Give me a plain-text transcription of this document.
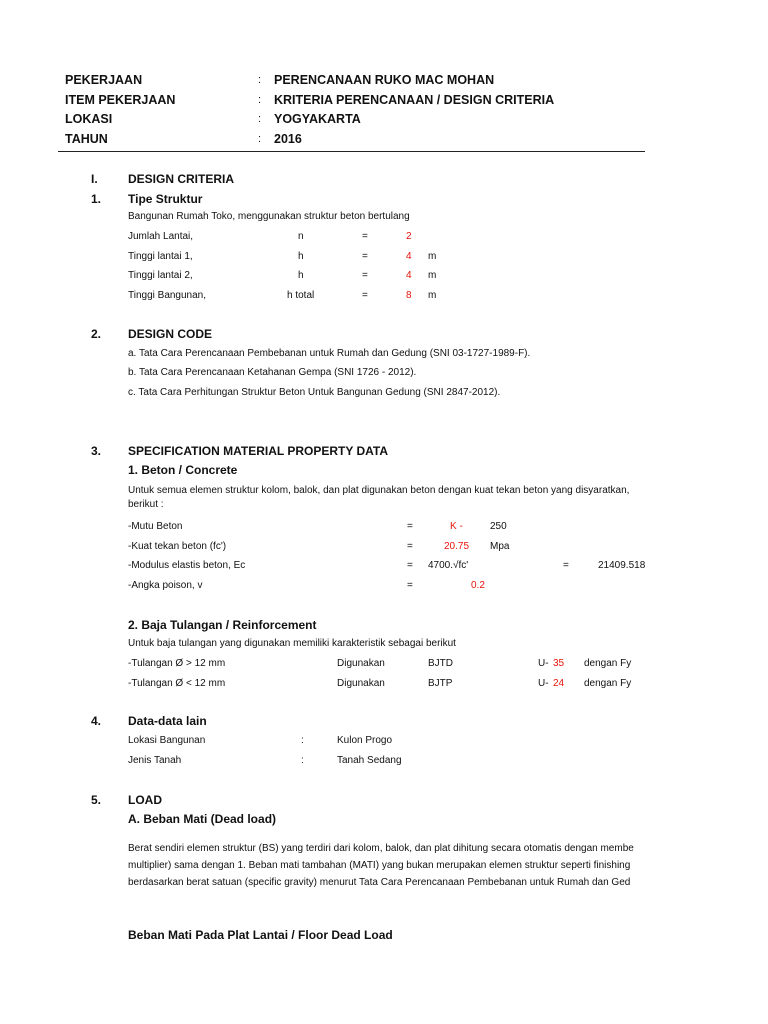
PEKERJAAN	: PERENCANAAN RUKO MAC MOHAN
ITEM PEKERJAAN	: KRITERIA PERENCANAAN / DESIGN CRITERIA
LOKASI	: YOGYAKARTA
TAHUN	: 2016
I.	DESIGN CRITERIA
1. Tipe Struktur
Bangunan Rumah Toko, menggunakan struktur beton bertulang
Jumlah Lantai,	n	=	2
Tinggi lantai 1,	h	=	4 m
Tinggi lantai 2,	h	=	4 m
Tinggi Bangunan,	h total	=	8 m
2. DESIGN CODE
a. Tata Cara Perencanaan Pembebanan untuk Rumah dan Gedung (SNI 03-1727-1989-F).
b. Tata Cara Perencanaan Ketahanan Gempa (SNI 1726 - 2012).
c. Tata Cara Perhitungan Struktur Beton Untuk Bangunan Gedung (SNI 2847-2012).
3. SPECIFICATION MATERIAL PROPERTY DATA
1. Beton / Concrete
Untuk semua elemen struktur kolom, balok, dan plat digunakan beton dengan kuat tekan beton yang disyaratkan,
berikut :
-Mutu Beton	=	K -	250
-Kuat tekan beton (fc')	=	20.75 Mpa
-Modulus elastis beton, Ec	= 4700.√fc'	=	21409.518
-Angka poison, v	=	0.2
2. Baja Tulangan / Reinforcement
Untuk baja tulangan yang digunakan memiliki karakteristik sebagai berikut
-Tulangan Ø > 12 mm	Digunakan	BJTD	U- 35 dengan Fy
-Tulangan Ø < 12 mm	Digunakan	BJTP	U- 24 dengan Fy
4. Data-data lain
Lokasi Bangunan	:	Kulon Progo
Jenis Tanah	:	Tanah Sedang
5. LOAD
A. Beban Mati (Dead load)
Berat sendiri elemen struktur (BS) yang terdiri dari kolom, balok, dan plat dihitung secara otomatis dengan membe
multiplier) sama dengan 1. Beban mati tambahan (MATI) yang bukan merupakan elemen struktur seperti finishing
berdasarkan berat satuan (specific gravity) menurut Tata Cara Perencanaan Pembebanan untuk Rumah dan Ged
Beban Mati Pada Plat Lantai / Floor Dead Load
